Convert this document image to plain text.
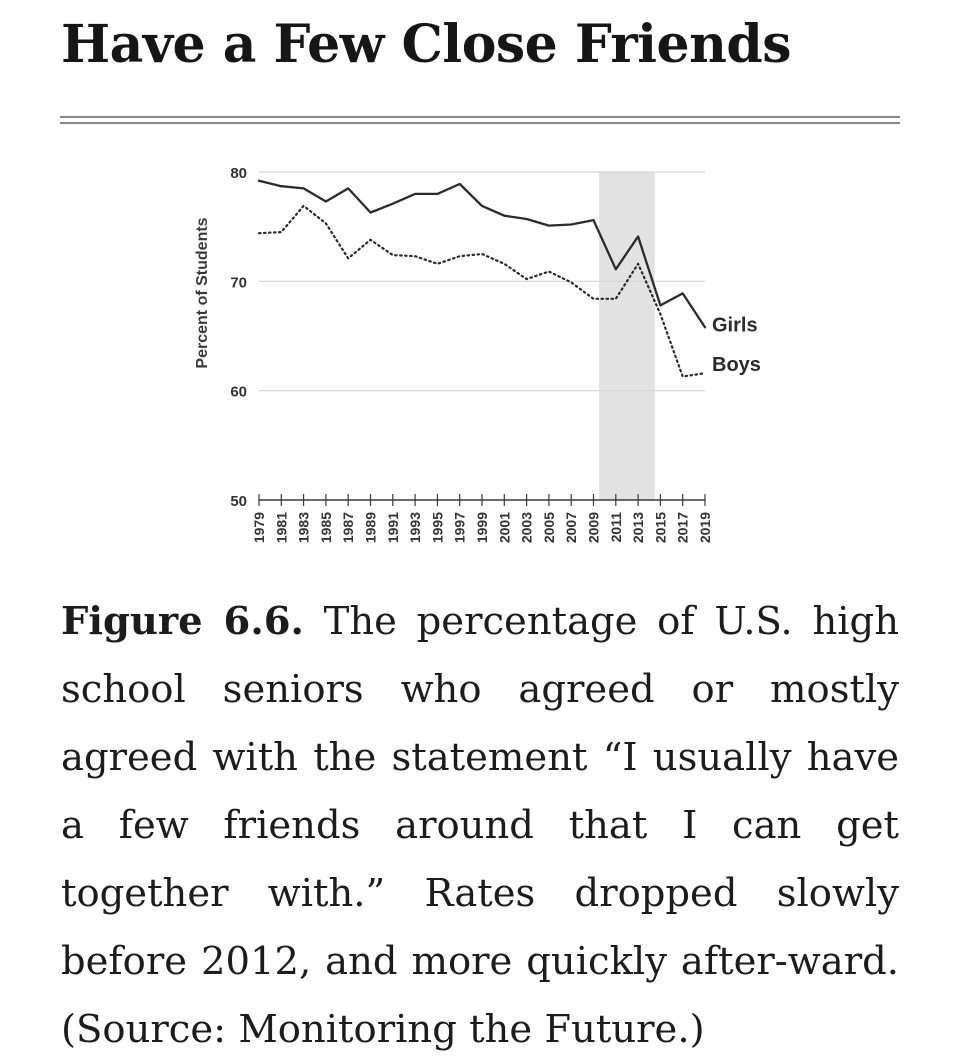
Have a Few Close Friends
50
60
70
80
1979 1981 1983 1985 1987 1989 1991 1993 1995 1997 1999 2001 2003 2005 2007 2009 2011 2013 2015 2017 2019
Girls
Boys
Percent of Students

Figure 6.6. The percentage of U.S. high school seniors who agreed or mostly agreed with the statement “I usually have a few friends around that I can get together with.” Rates dropped slowly before 2012, and more quickly after-ward. (Source: Monitoring the Future.)
